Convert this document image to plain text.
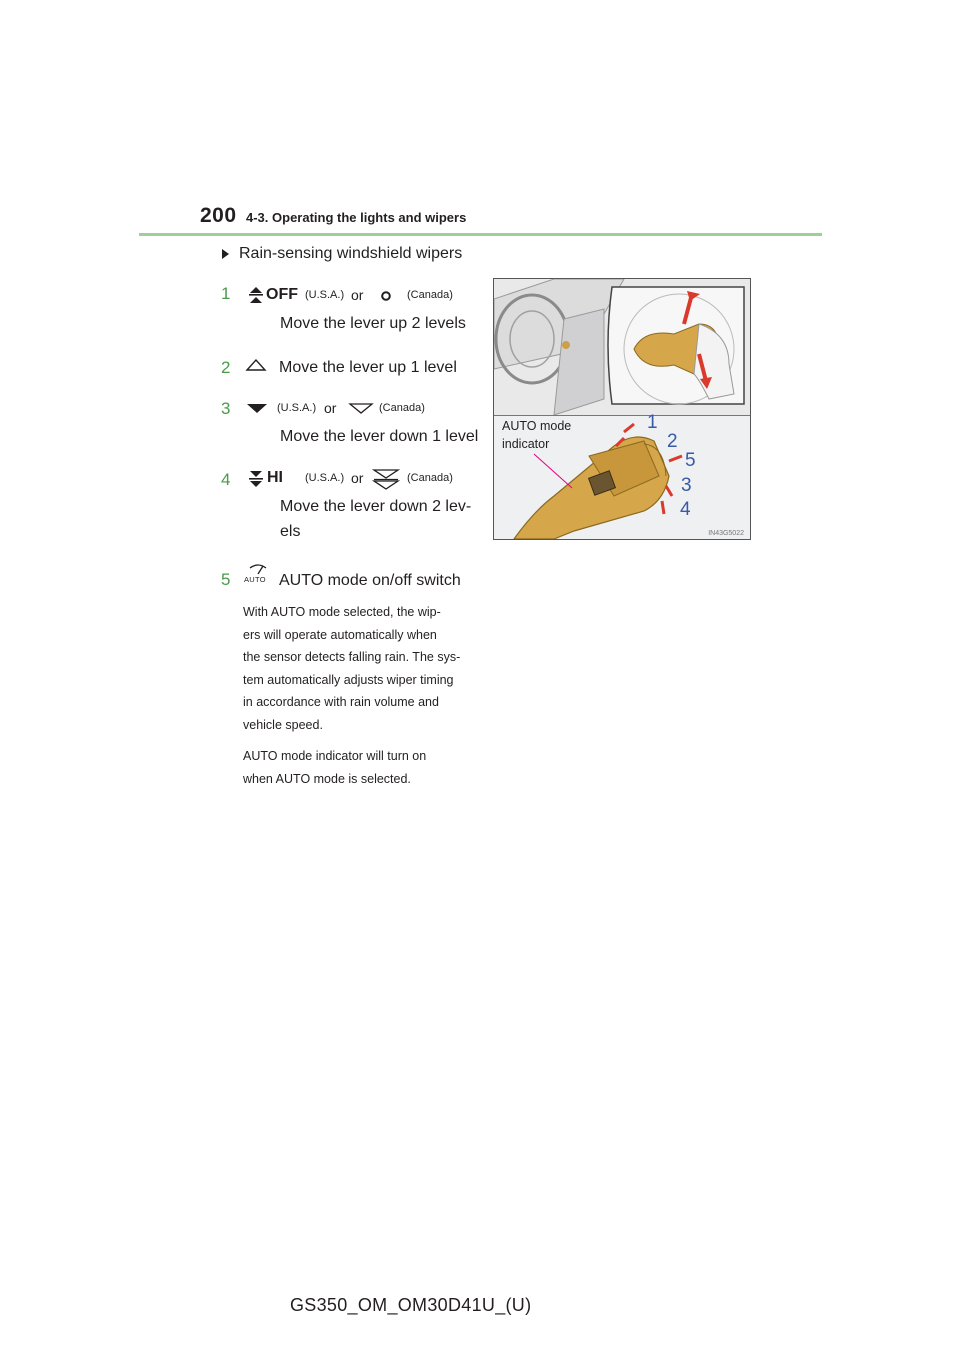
200 4-3. Operating the lights and wipers
Rain-sensing windshield wipers
1 OFF (U.S.A.) or	(Canada)
Move the lever up 2 levels
2	Move the lever up 1 level
3	(U.S.A.) or	(Canada)
Move the lever down 1 level
4 HI (U.S.A.) or	(Canada)
Move the lever down 2 lev-
els
5 AUTO AUTO mode on/off switch
With AUTO mode selected, the wip-
ers will operate automatically when
the sensor detects falling rain. The sys-
tem automatically adjusts wiper timing
in accordance with rain volume and
vehicle speed.
AUTO mode indicator will turn on
when AUTO mode is selected.
1
2
5
3
4
AUTO mode
indicator
IN43G5022
GS350_OM_OM30D41U_(U)
